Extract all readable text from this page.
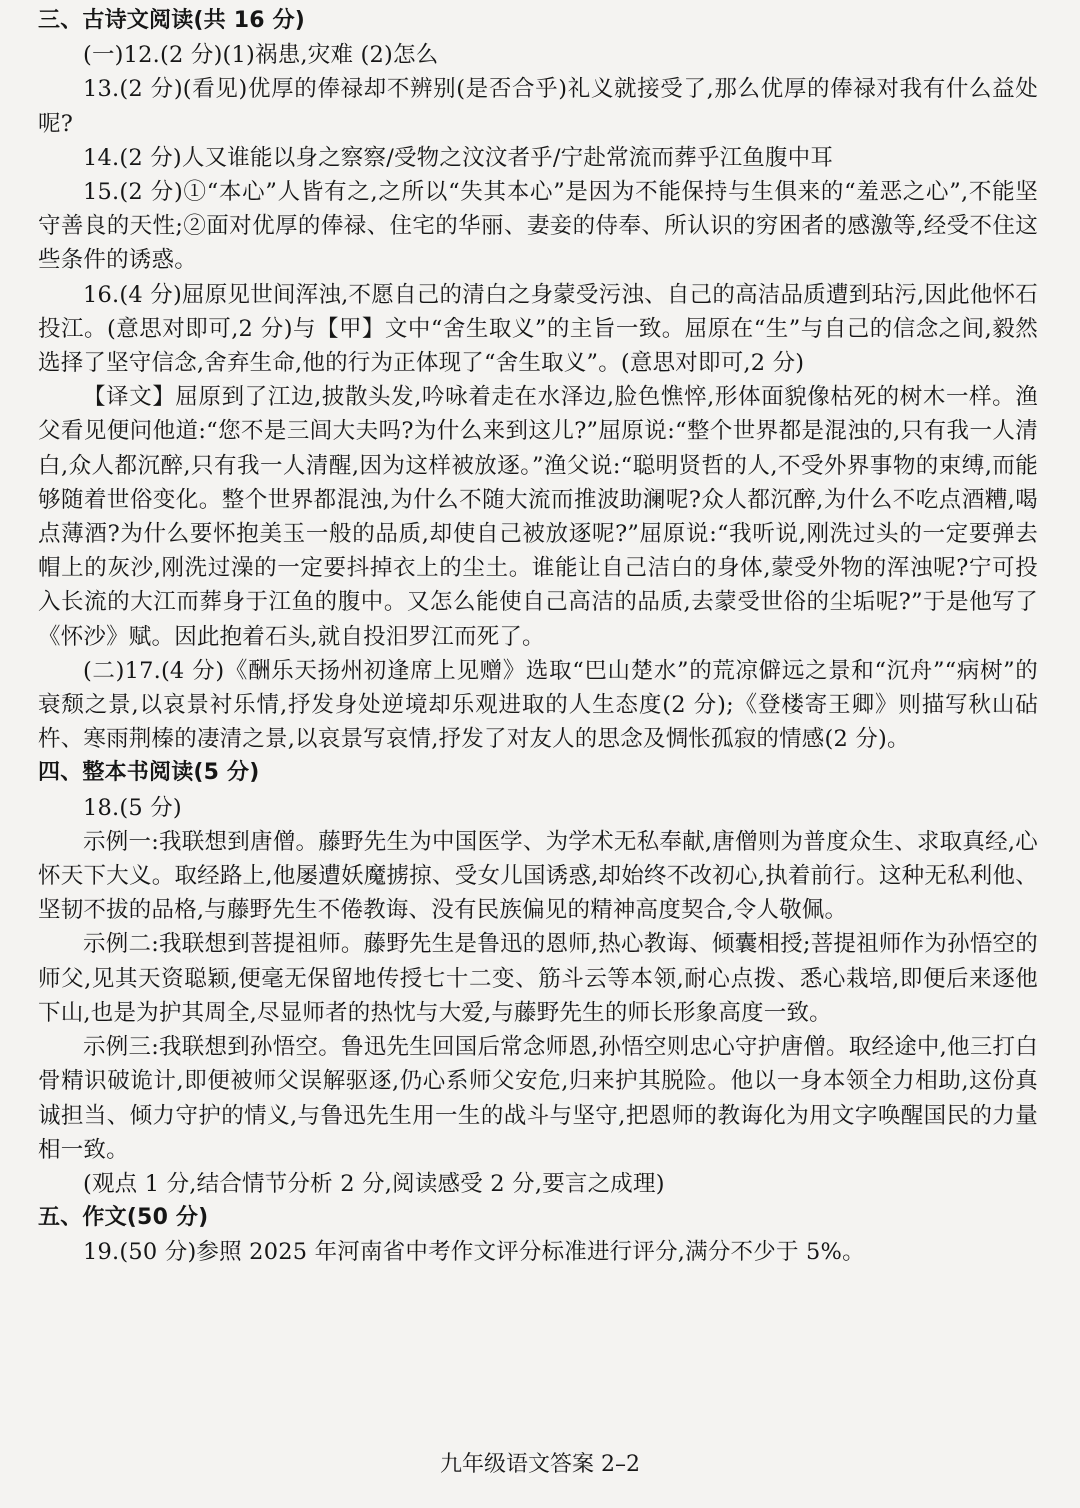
三、古诗文阅读(共 16 分)

(一)12.(2 分)(1)祸患,灾难 (2)怎么

13.(2 分)(看见)优厚的俸禄却不辨别(是否合乎)礼义就接受了,那么优厚的俸禄对我有什么益处呢?

14.(2 分)人又谁能以身之察察/受物之汶汶者乎/宁赴常流而葬乎江鱼腹中耳

15.(2 分)①“本心”人皆有之,之所以“失其本心”是因为不能保持与生俱来的“羞恶之心”,不能坚守善良的天性;②面对优厚的俸禄、住宅的华丽、妻妾的侍奉、所认识的穷困者的感激等,经受不住这些条件的诱惑。

16.(4 分)屈原见世间浑浊,不愿自己的清白之身蒙受污浊、自己的高洁品质遭到玷污,因此他怀石投江。(意思对即可,2 分)与【甲】文中“舍生取义”的主旨一致。屈原在“生”与自己的信念之间,毅然选择了坚守信念,舍弃生命,他的行为正体现了“舍生取义”。(意思对即可,2 分)

【译文】屈原到了江边,披散头发,吟咏着走在水泽边,脸色憔悴,形体面貌像枯死的树木一样。渔父看见便问他道:“您不是三闾大夫吗?为什么来到这儿?”屈原说:“整个世界都是混浊的,只有我一人清白,众人都沉醉,只有我一人清醒,因为这样被放逐。”渔父说:“聪明贤哲的人,不受外界事物的束缚,而能够随着世俗变化。整个世界都混浊,为什么不随大流而推波助澜呢?众人都沉醉,为什么不吃点酒糟,喝点薄酒?为什么要怀抱美玉一般的品质,却使自己被放逐呢?”屈原说:“我听说,刚洗过头的一定要弹去帽上的灰沙,刚洗过澡的一定要抖掉衣上的尘土。谁能让自己洁白的身体,蒙受外物的浑浊呢?宁可投入长流的大江而葬身于江鱼的腹中。又怎么能使自己高洁的品质,去蒙受世俗的尘垢呢?”于是他写了《怀沙》赋。因此抱着石头,就自投汨罗江而死了。

(二)17.(4 分)《酬乐天扬州初逢席上见赠》选取“巴山楚水”的荒凉僻远之景和“沉舟”“病树”的衰颓之景,以哀景衬乐情,抒发身处逆境却乐观进取的人生态度(2 分);《登楼寄王卿》则描写秋山砧杵、寒雨荆榛的凄清之景,以哀景写哀情,抒发了对友人的思念及惆怅孤寂的情感(2 分)。

四、整本书阅读(5 分)

18.(5 分)

示例一:我联想到唐僧。藤野先生为中国医学、为学术无私奉献,唐僧则为普度众生、求取真经,心怀天下大义。取经路上,他屡遭妖魔掳掠、受女儿国诱惑,却始终不改初心,执着前行。这种无私利他、坚韧不拔的品格,与藤野先生不倦教诲、没有民族偏见的精神高度契合,令人敬佩。

示例二:我联想到菩提祖师。藤野先生是鲁迅的恩师,热心教诲、倾囊相授;菩提祖师作为孙悟空的师父,见其天资聪颖,便毫无保留地传授七十二变、筋斗云等本领,耐心点拨、悉心栽培,即便后来逐他下山,也是为护其周全,尽显师者的热忱与大爱,与藤野先生的师长形象高度一致。

示例三:我联想到孙悟空。鲁迅先生回国后常念师恩,孙悟空则忠心守护唐僧。取经途中,他三打白骨精识破诡计,即便被师父误解驱逐,仍心系师父安危,归来护其脱险。他以一身本领全力相助,这份真诚担当、倾力守护的情义,与鲁迅先生用一生的战斗与坚守,把恩师的教诲化为用文字唤醒国民的力量相一致。

(观点 1 分,结合情节分析 2 分,阅读感受 2 分,要言之成理)

五、作文(50 分)

19.(50 分)参照 2025 年河南省中考作文评分标准进行评分,满分不少于 5%。

九年级语文答案 2–2
